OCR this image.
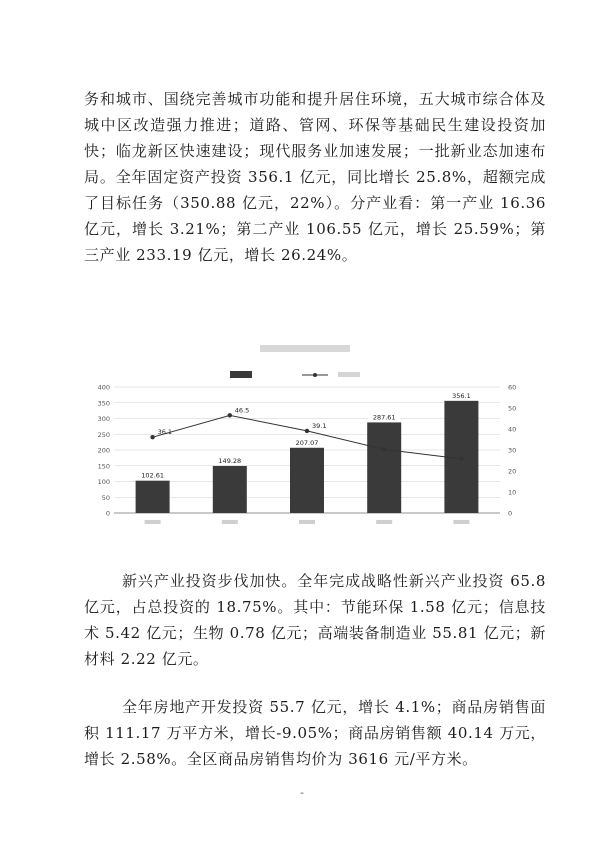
务和城市、国绕完善城市功能和提升居住环境，五大城市综合体及城中区改造强力推进；道路、管网、环保等基础民生建设投资加快；临龙新区快速建设；现代服务业加速发展；一批新业态加速布局。全年固定资产投资 356.1 亿元，同比增长 25.8%，超额完成了目标任务（350.88 亿元，22%）。分产业看：第一产业 16.36 亿元，增长 3.21%；第二产业 106.55 亿元，增长 25.59%；第三产业 233.19 亿元，增长 26.24%。

0
50
100
150
200
250
300
350
400
0
10
20
30
40
50
60
102.61
149.28
207.07
287.61
356.1
36.1
46.5
39.1

新兴产业投资步伐加快。全年完成战略性新兴产业投资 65.8 亿元，占总投资的 18.75%。其中：节能环保 1.58 亿元；信息技术 5.42 亿元；生物 0.78 亿元；高端装备制造业 55.81 亿元；新材料 2.22 亿元。

全年房地产开发投资 55.7 亿元，增长 4.1%；商品房销售面积 111.17 万平方米，增长-9.05%；商品房销售额 40.14 万元，增长 2.58%。全区商品房销售均价为 3616 元/平方米。

-
